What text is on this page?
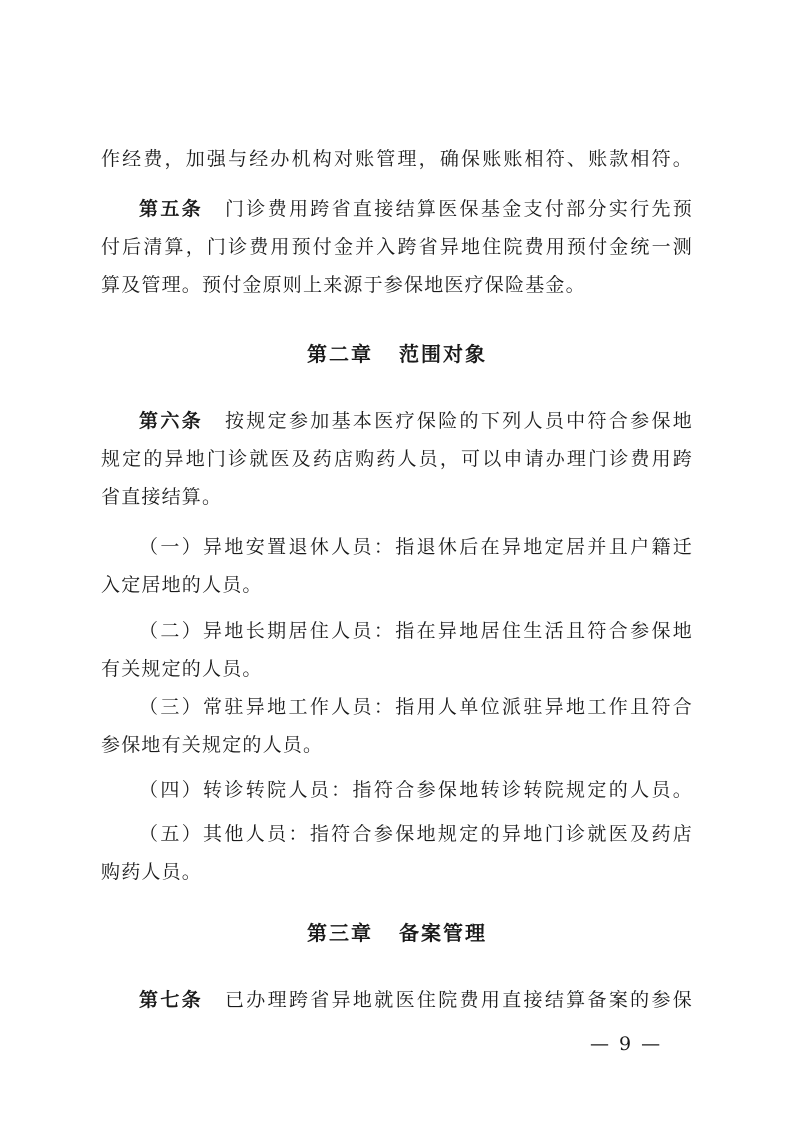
作经费，加强与经办机构对账管理，确保账账相符、账款相符。
第五条 门诊费用跨省直接结算医保基金支付部分实行先预
付后清算，门诊费用预付金并入跨省异地住院费用预付金统一测
算及管理。预付金原则上来源于参保地医疗保险基金。
第二章 范围对象
第六条 按规定参加基本医疗保险的下列人员中符合参保地
规定的异地门诊就医及药店购药人员，可以申请办理门诊费用跨
省直接结算。
（一）异地安置退休人员：指退休后在异地定居并且户籍迁
入定居地的人员。
（二）异地长期居住人员：指在异地居住生活且符合参保地
有关规定的人员。
（三）常驻异地工作人员：指用人单位派驻异地工作且符合
参保地有关规定的人员。
（四）转诊转院人员：指符合参保地转诊转院规定的人员。
（五）其他人员：指符合参保地规定的异地门诊就医及药店
购药人员。
第三章 备案管理
第七条 已办理跨省异地就医住院费用直接结算备案的参保
— 9 —
